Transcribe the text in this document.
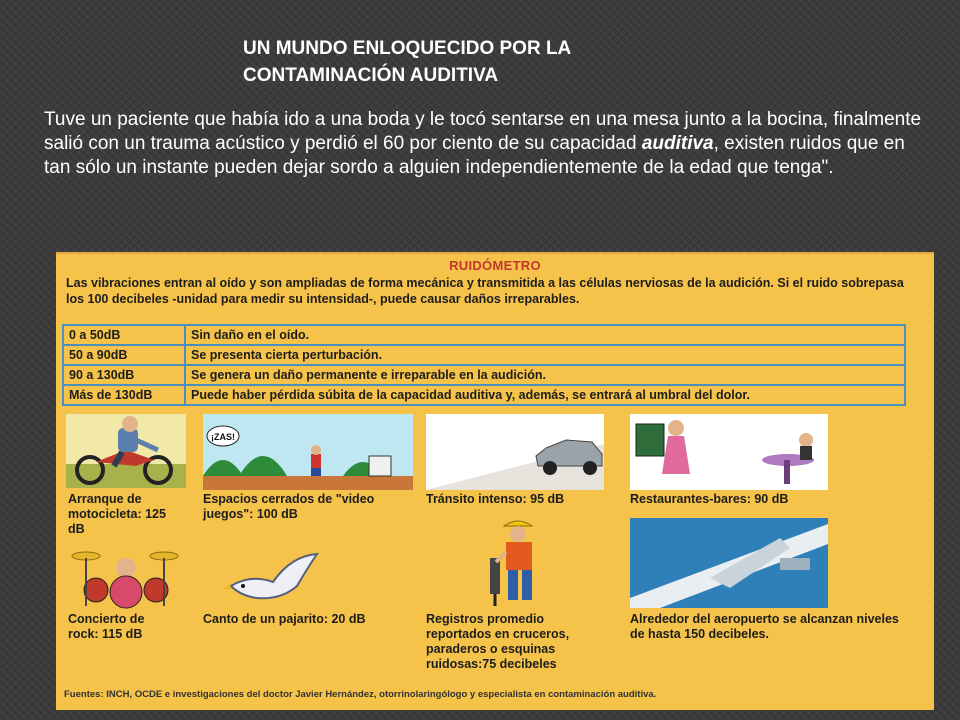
UN MUNDO ENLOQUECIDO POR LA
CONTAMINACIÓN AUDITIVA

Tuve un paciente que había ido a una boda y le tocó sentarse en una mesa junto a la bocina, finalmente salió con un trauma acústico y perdió el 60 por ciento de su capacidad auditiva, existen ruidos que en tan sólo un instante pueden dejar sordo a alguien independientemente de la edad que tenga".

RUIDÓMETRO

Las vibraciones entran al oído y son ampliadas de forma mecánica y transmitida a las células nerviosas de la audición. Si el ruido sobrepasa los 100 decibeles -unidad para medir su intensidad-, puede causar daños irreparables.

0 a 50dB	Sin daño en el oído.
50 a 90dB	Se presenta cierta perturbación.
90 a 130dB	Se genera un daño permanente e irreparable en la audición.
Más de 130dB	Puede haber pérdida súbita de la capacidad auditiva y, además, se entrará al umbral del dolor.

Arranque de motocicleta: 125 dB

¡ZAS!

Espacios cerrados de "video juegos": 100 dB

Tránsito intenso: 95 dB	Restaurantes-bares: 90 dB

Concierto de rock: 115 dB

Canto de un pajarito: 20 dB	Registros promedio reportados en cruceros, paraderos o esquinas ruidosas:75 decibeles

Alrededor del aeropuerto se alcanzan niveles de hasta 150 decibeles.

Fuentes: INCH, OCDE e investigaciones del doctor Javier Hernández, otorrinolaringólogo y especialista en contaminación auditiva.
